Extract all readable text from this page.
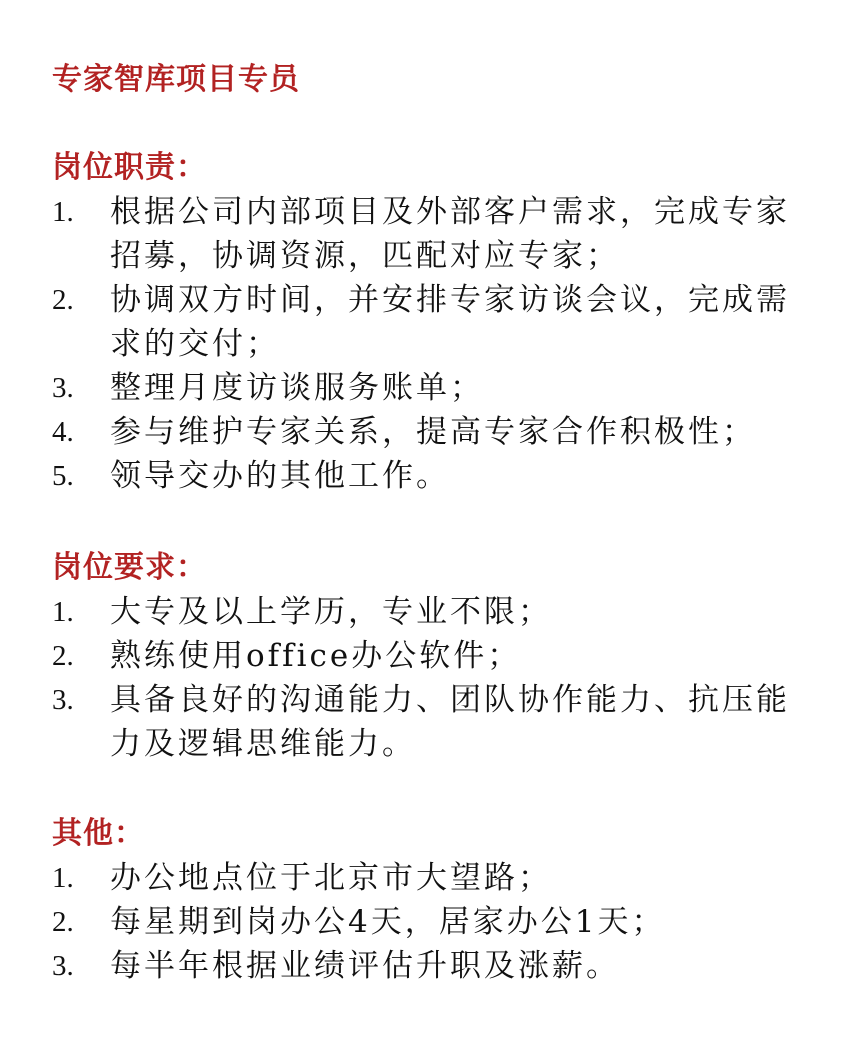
专家智库项目专员
岗位职责：
1.	根据公司内部项目及外部客户需求，完成专家招募，协调资源，匹配对应专家；
2.	协调双方时间，并安排专家访谈会议，完成需求的交付；
3.	整理月度访谈服务账单；
4.	参与维护专家关系，提高专家合作积极性；
5.	领导交办的其他工作。
岗位要求：
1.	大专及以上学历，专业不限；
2.	熟练使用office办公软件；
3.	具备良好的沟通能力、团队协作能力、抗压能力及逻辑思维能力。
其他：
1.	办公地点位于北京市大望路；
2.	每星期到岗办公4天，居家办公1天；
3.	每半年根据业绩评估升职及涨薪。
